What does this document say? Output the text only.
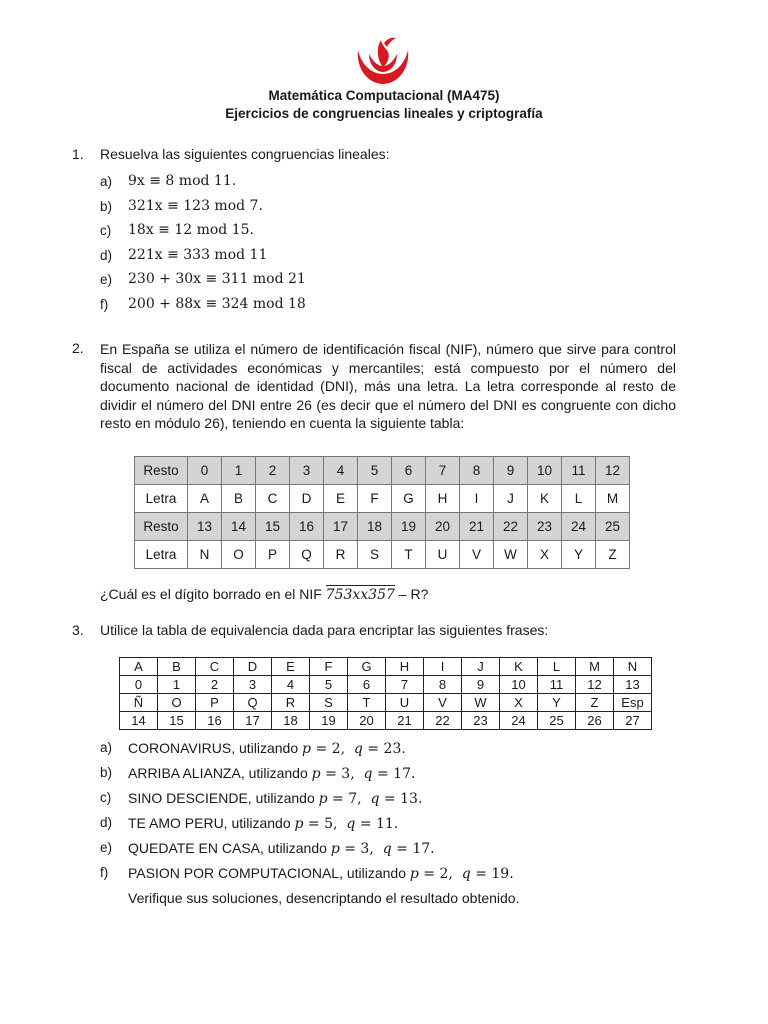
Matemática Computacional (MA475)
Ejercicios de congruencias lineales y criptografía
1. Resuelva las siguientes congruencias lineales:
a) 9x ≡ 8 mod 11.
b) 321x ≡ 123 mod 7.
c) 18x ≡ 12 mod 15.
d) 221x ≡ 333 mod 11
e) 230 + 30x ≡ 311 mod 21
f) 200 + 88x ≡ 324 mod 18
2. En España se utiliza el número de identificación fiscal (NIF), número que sirve para control fiscal de actividades económicas y mercantiles; está compuesto por el número del documento nacional de identidad (DNI), más una letra. La letra corresponde al resto de dividir el número del DNI entre 26 (es decir que el número del DNI es congruente con dicho resto en módulo 26), teniendo en cuenta la siguiente tabla:
Resto	0	1	2	3	4	5	6	7	8	9	10	11	12
Letra	A	B	C	D	E	F	G	H	I	J	K	L	M
Resto	13	14	15	16	17	18	19	20	21	22	23	24	25
Letra	N	O	P	Q	R	S	T	U	V	W	X	Y	Z
¿Cuál es el dígito borrado en el NIF 753xx357 – R?
3. Utilice la tabla de equivalencia dada para encriptar las siguientes frases:
A	B	C	D	E	F	G	H	I	J	K	L	M	N
0	1	2	3	4	5	6	7	8	9	10	11	12	13
Ñ	O	P	Q	R	S	T	U	V	W	X	Y	Z	Esp
14	15	16	17	18	19	20	21	22	23	24	25	26	27
a) CORONAVIRUS, utilizando p = 2,  q = 23.
b) ARRIBA ALIANZA, utilizando p = 3,  q = 17.
c) SINO DESCIENDE, utilizando p = 7,  q = 13.
d) TE AMO PERU, utilizando p = 5,  q = 11.
e) QUEDATE EN CASA, utilizando p = 3,  q = 17.
f) PASION POR COMPUTACIONAL, utilizando p = 2,  q = 19.
Verifique sus soluciones, desencriptando el resultado obtenido.
